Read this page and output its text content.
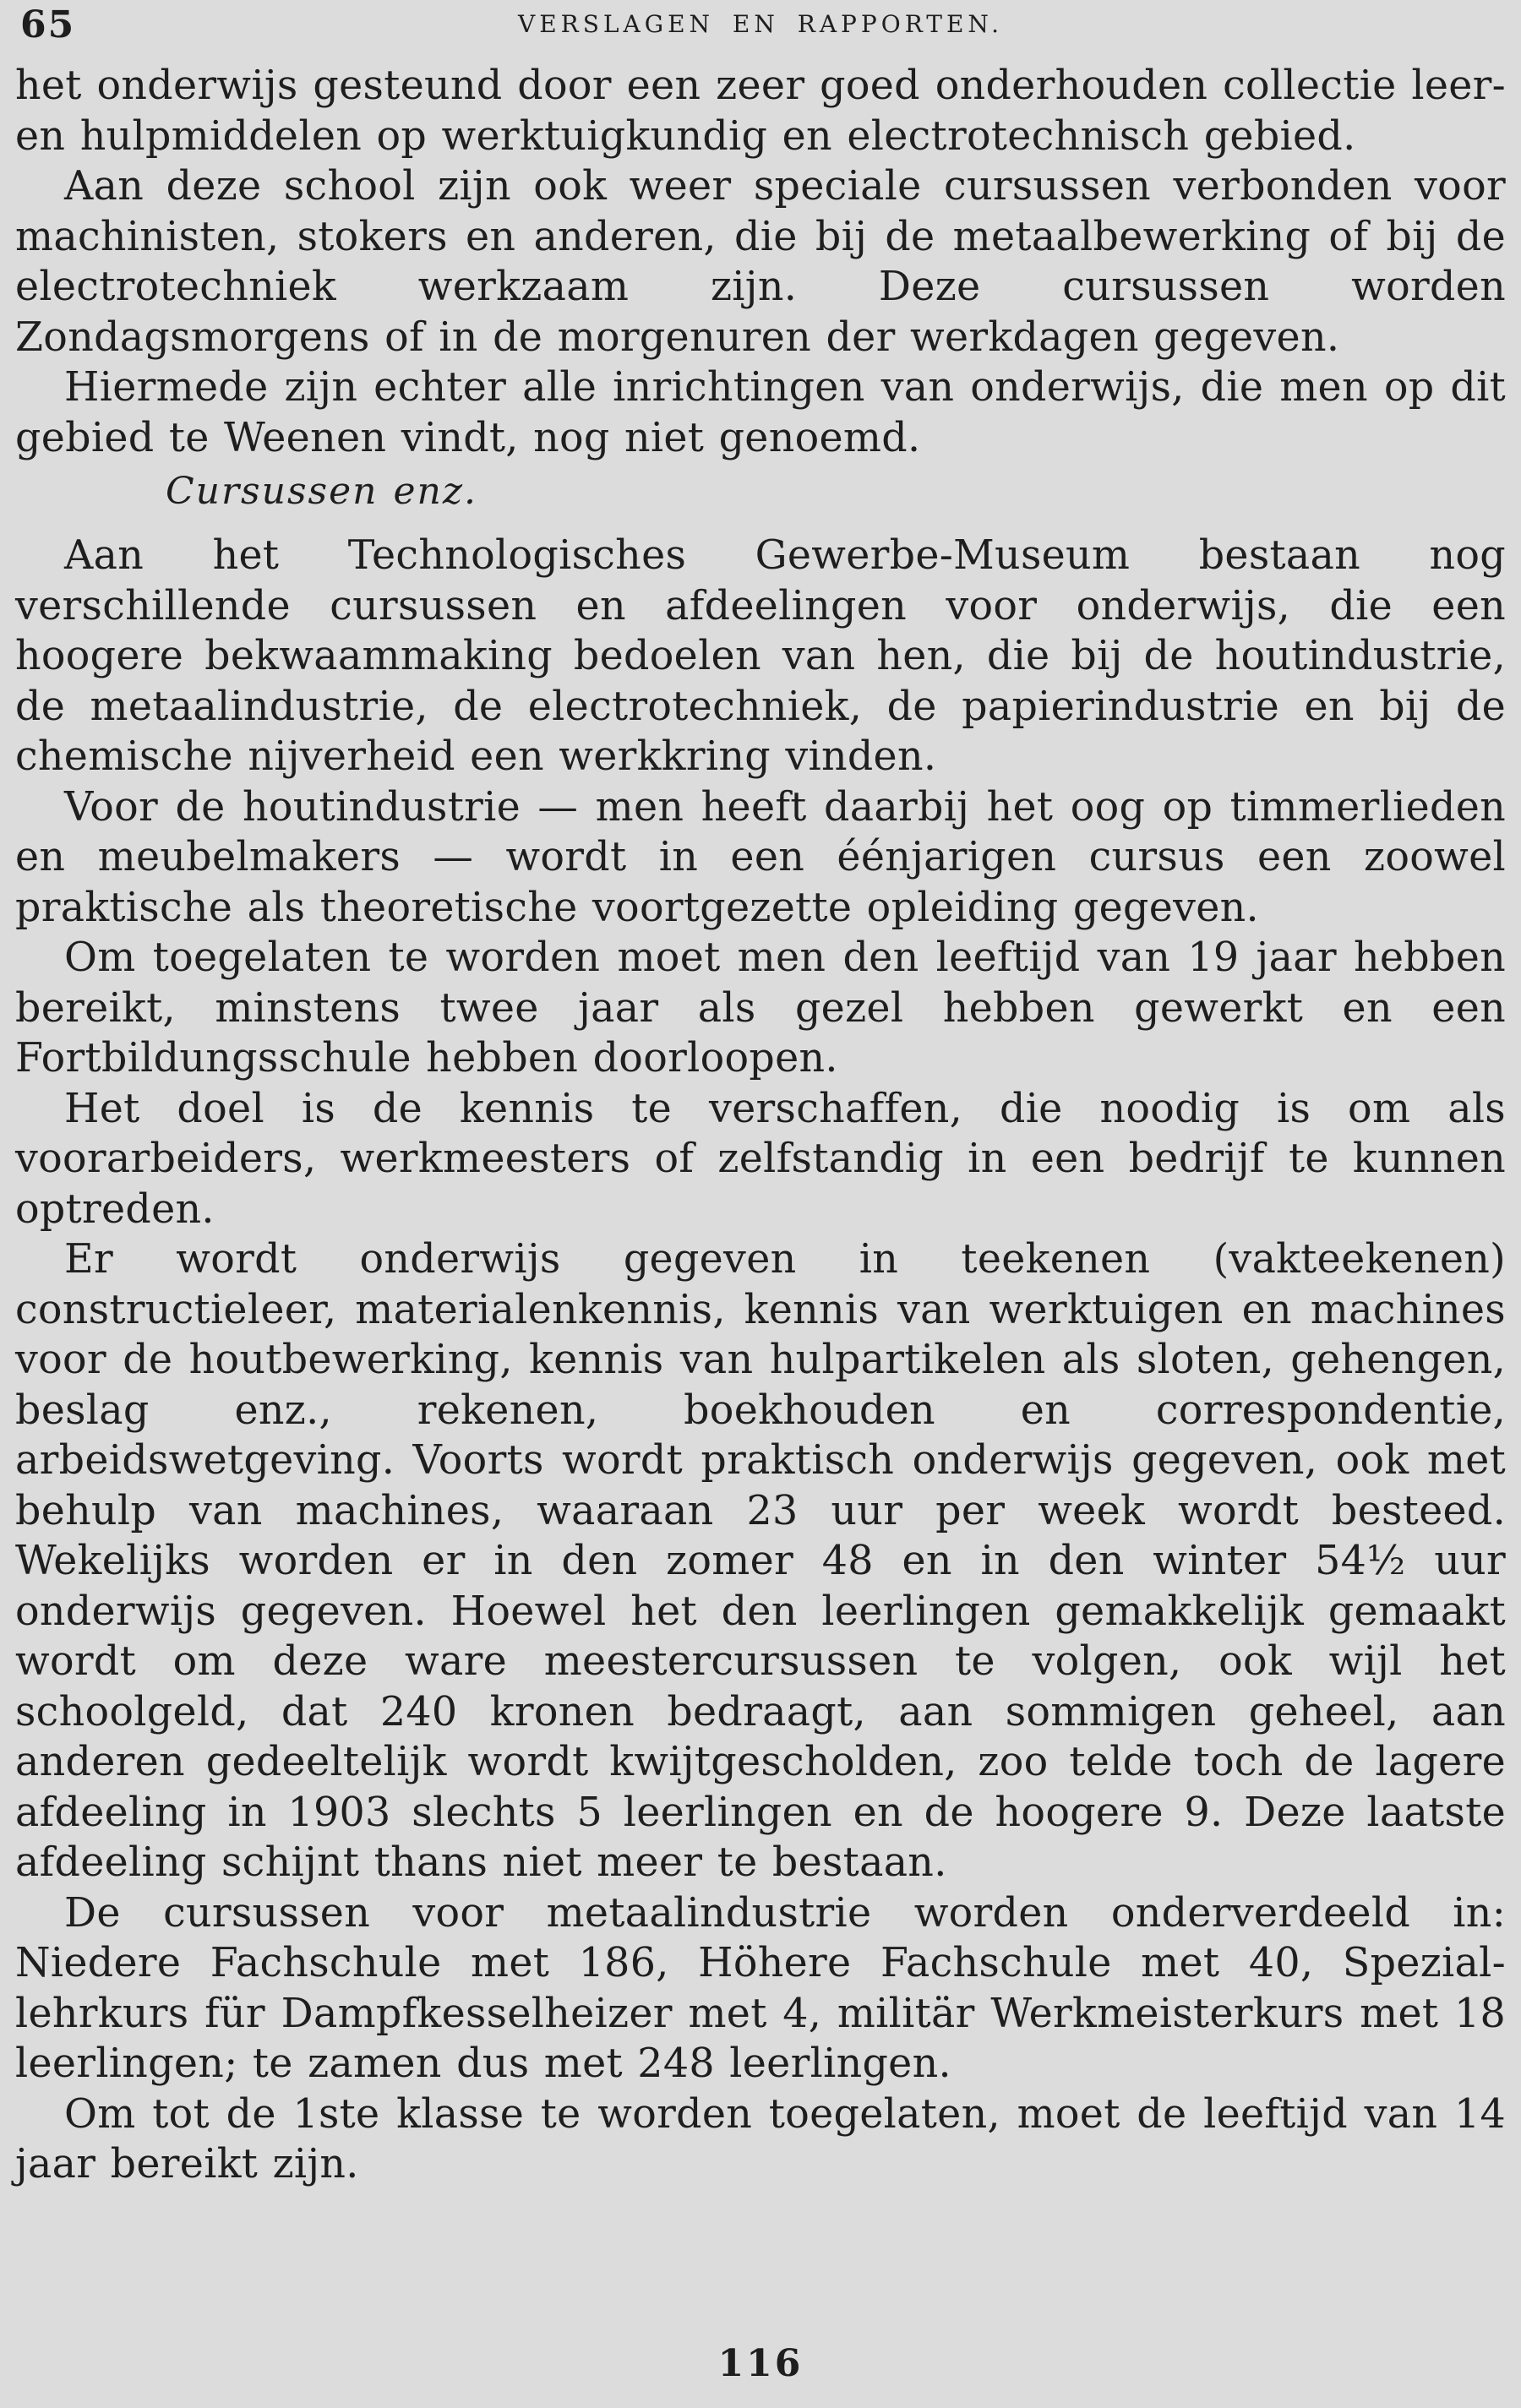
65	VERSLAGEN EN RAPPORTEN.

het onderwijs gesteund door een zeer goed onderhouden collectie leer- en hulpmiddelen op werktuigkundig en electrotechnisch gebied.

Aan deze school zijn ook weer speciale cursussen verbonden voor machinisten, stokers en anderen, die bij de metaalbewerking of bij de electrotechniek werkzaam zijn. Deze cursussen worden Zondagsmorgens of in de morgenuren der werkdagen gegeven.

Hiermede zijn echter alle inrichtingen van onderwijs, die men op dit gebied te Weenen vindt, nog niet genoemd.

Cursussen enz.

Aan het Technologisches Gewerbe-Museum bestaan nog verschillende cursussen en afdeelingen voor onderwijs, die een hoogere bekwaammaking bedoelen van hen, die bij de houtindustrie, de metaalindustrie, de electrotechniek, de papierindustrie en bij de chemische nijverheid een werkkring vinden.

Voor de houtindustrie — men heeft daarbij het oog op timmerlieden en meubelmakers — wordt in een éénjarigen cursus een zoowel praktische als theoretische voortgezette opleiding gegeven.

Om toegelaten te worden moet men den leeftijd van 19 jaar hebben bereikt, minstens twee jaar als gezel hebben gewerkt en een Fortbildungsschule hebben doorloopen.

Het doel is de kennis te verschaffen, die noodig is om als voorarbeiders, werkmeesters of zelfstandig in een bedrijf te kunnen optreden.

Er wordt onderwijs gegeven in teekenen (vakteekenen) constructieleer, materialenkennis, kennis van werktuigen en machines voor de houtbewerking, kennis van hulpartikelen als sloten, gehengen, beslag enz., rekenen, boekhouden en correspondentie, arbeidswetgeving. Voorts wordt praktisch onderwijs gegeven, ook met behulp van machines, waaraan 23 uur per week wordt besteed. Wekelijks worden er in den zomer 48 en in den winter 54½ uur onderwijs gegeven. Hoewel het den leerlingen gemakkelijk gemaakt wordt om deze ware meestercursussen te volgen, ook wijl het schoolgeld, dat 240 kronen bedraagt, aan sommigen geheel, aan anderen gedeeltelijk wordt kwijtgescholden, zoo telde toch de lagere afdeeling in 1903 slechts 5 leerlingen en de hoogere 9. Deze laatste afdeeling schijnt thans niet meer te bestaan.

De cursussen voor metaalindustrie worden onderverdeeld in: Niedere Fachschule met 186, Höhere Fachschule met 40, Spezial-lehrkurs für Dampfkesselheizer met 4, militär Werkmeisterkurs met 18 leerlingen; te zamen dus met 248 leerlingen.

Om tot de 1ste klasse te worden toegelaten, moet de leeftijd van 14 jaar bereikt zijn.

116
